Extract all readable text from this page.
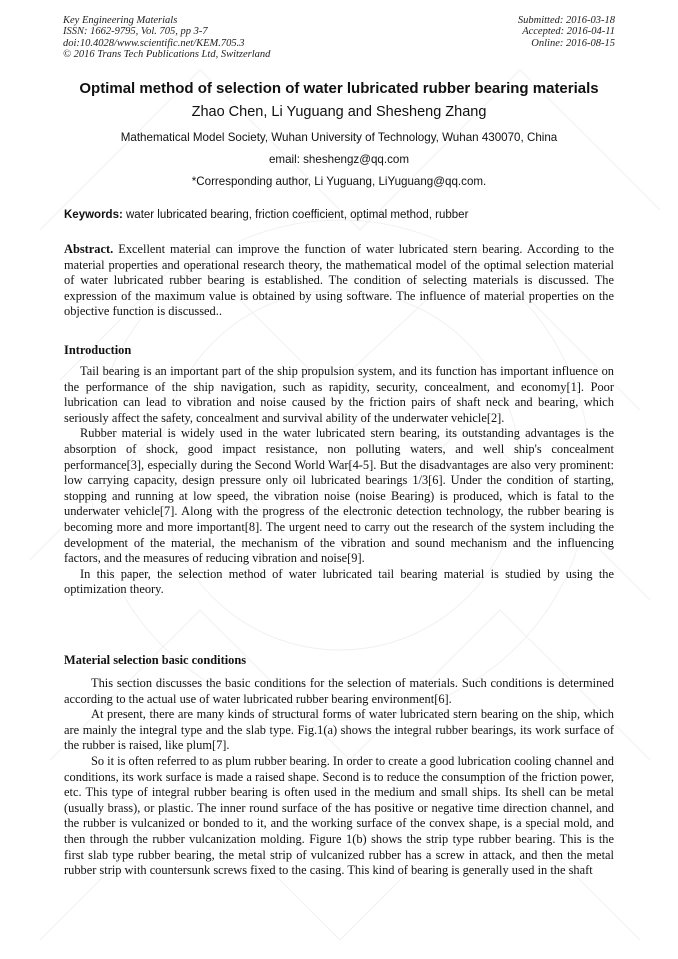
Key Engineering Materials
ISSN: 1662-9795, Vol. 705, pp 3-7
doi:10.4028/www.scientific.net/KEM.705.3
© 2016 Trans Tech Publications Ltd, Switzerland
Submitted: 2016-03-18
Accepted: 2016-04-11
Online: 2016-08-15
Optimal method of selection of water lubricated rubber bearing materials
Zhao Chen, Li Yuguang and Shesheng Zhang
Mathematical Model Society, Wuhan University of Technology, Wuhan 430070, China
email: sheshengz@qq.com
*Corresponding author, Li Yuguang, LiYuguang@qq.com.
Keywords: water lubricated bearing, friction coefficient, optimal method, rubber

Abstract. Excellent material can improve the function of water lubricated stern bearing. According to the material properties and operational research theory, the mathematical model of the optimal selection material of water lubricated rubber bearing is established. The condition of selecting materials is discussed. The expression of the maximum value is obtained by using software. The influence of material properties on the objective function is discussed..

Introduction

Tail bearing is an important part of the ship propulsion system, and its function has important influence on the performance of the ship navigation, such as rapidity, security, concealment, and economy[1]. Poor lubrication can lead to vibration and noise caused by the friction pairs of shaft neck and bearing, which seriously affect the safety, concealment and survival ability of the underwater vehicle[2].

Rubber material is widely used in the water lubricated stern bearing, its outstanding advantages is the absorption of shock, good impact resistance, non polluting waters, and well ship's concealment performance[3], especially during the Second World War[4-5]. But the disadvantages are also very prominent: low carrying capacity, design pressure only oil lubricated bearings 1/3[6]. Under the condition of starting, stopping and running at low speed, the vibration noise (noise Bearing) is produced, which is fatal to the underwater vehicle[7]. Along with the progress of the electronic detection technology, the rubber bearing is becoming more and more important[8]. The urgent need to carry out the research of the system including the development of the material, the mechanism of the vibration and sound mechanism and the influencing factors, and the measures of reducing vibration and noise[9].

In this paper, the selection method of water lubricated tail bearing material is studied by using the optimization theory.

Material selection basic conditions

This section discusses the basic conditions for the selection of materials. Such conditions is determined according to the actual use of water lubricated rubber bearing environment[6].

At present, there are many kinds of structural forms of water lubricated stern bearing on the ship, which are mainly the integral type and the slab type. Fig.1(a) shows the integral rubber bearings, its work surface of the rubber is raised, like plum[7].

So it is often referred to as plum rubber bearing. In order to create a good lubrication cooling channel and conditions, its work surface is made a raised shape. Second is to reduce the consumption of the friction power, etc. This type of integral rubber bearing is often used in the medium and small ships. Its shell can be metal (usually brass), or plastic. The inner round surface of the has positive or negative time direction channel, and the rubber is vulcanized or bonded to it, and the working surface of the convex shape, is a special mold, and then through the rubber vulcanization molding. Figure 1(b) shows the strip type rubber bearing. This is the first slab type rubber bearing, the metal strip of vulcanized rubber has a screw in attack, and then the metal rubber strip with countersunk screws fixed to the casing. This kind of bearing is generally used in the shaft
